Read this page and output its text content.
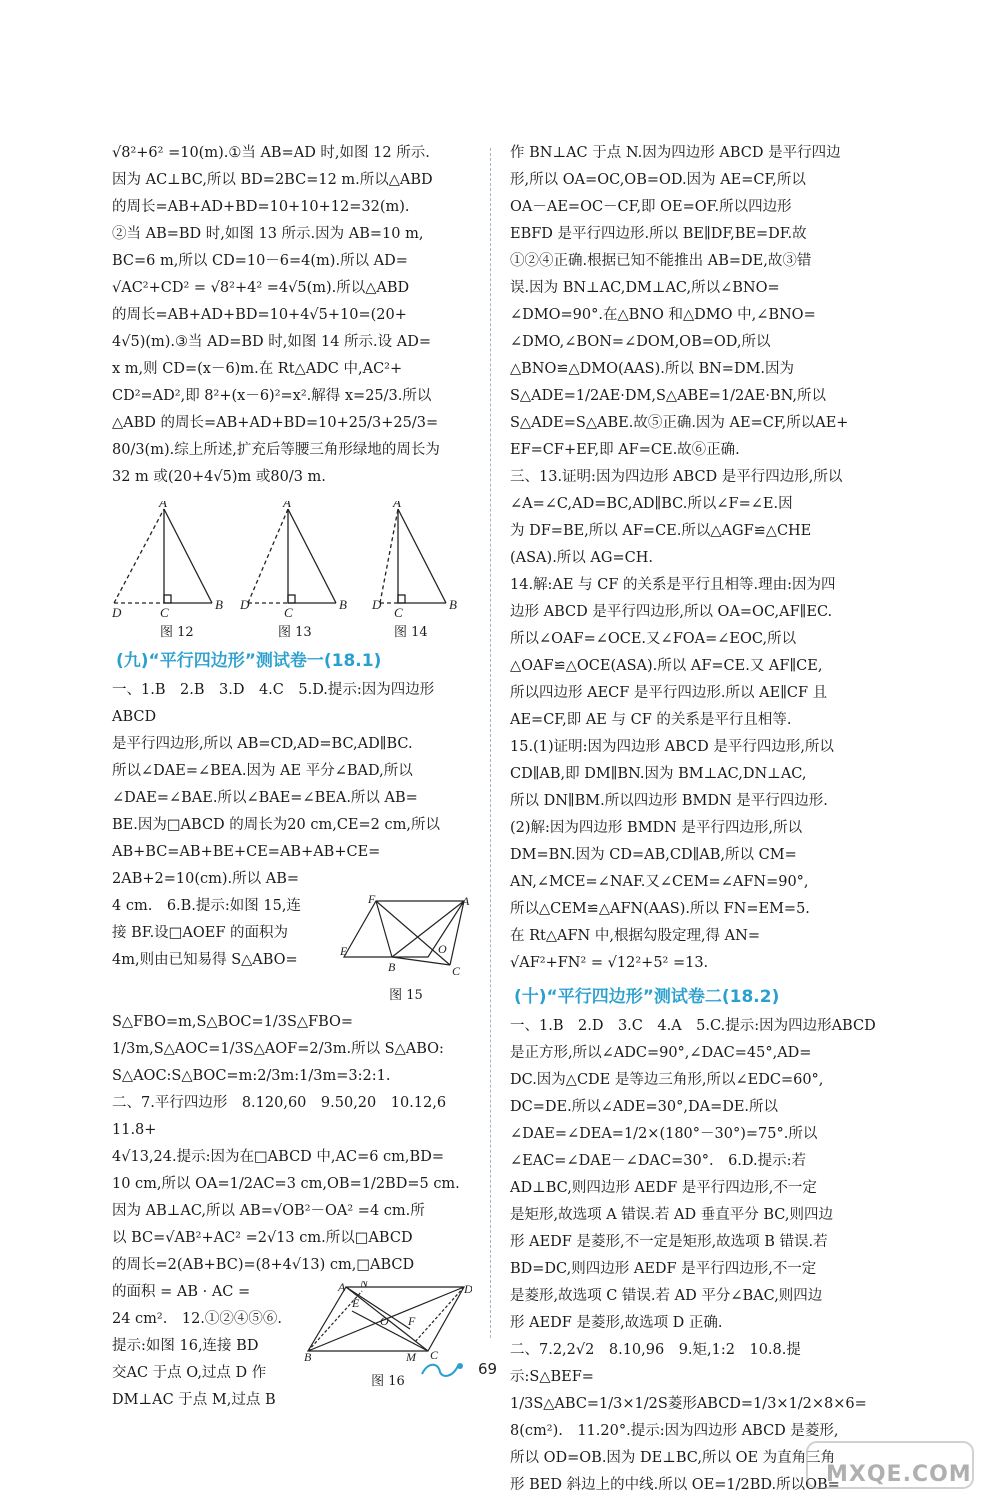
√8²+6² =10(m).①当 AB=AD 时,如图 12 所示.

因为 AC⊥BC,所以 BD=2BC=12 m.所以△ABD

的周长=AB+AD+BD=10+10+12=32(m).

②当 AB=BD 时,如图 13 所示.因为 AB=10 m,

BC=6 m,所以 CD=10－6=4(m).所以 AD=

√AC²+CD² = √8²+4² =4√5(m).所以△ABD

的周长=AB+AD+BD=10+4√5+10=(20+

4√5)(m).③当 AD=BD 时,如图 14 所示.设 AD=

x m,则 CD=(x－6)m.在 Rt△ADC 中,AC²+

CD²=AD²,即 8²+(x－6)²=x².解得 x=25/3.所以

△ABD 的周长=AB+AD+BD=10+25/3+25/3=

80/3(m).综上所述,扩充后等腰三角形绿地的周长为

32 m 或(20+4√5)m 或80/3 m.

A
D	C
B
A
D
C
B
A
D
C
B
图 12	图 13	图 14
(九)“平行四边形”测试卷一(18.1)

一、1.B　2.B　3.D　4.C　5.D.提示:因为四边形 ABCD

是平行四边形,所以 AB=CD,AD=BC,AD∥BC.

所以∠DAE=∠BEA.因为 AE 平分∠BAD,所以

∠DAE=∠BAE.所以∠BAE=∠BEA.所以 AB=

BE.因为□ABCD 的周长为20 cm,CE=2 cm,所以

AB+BC=AB+BE+CE=AB+AB+CE=

2AB+2=10(cm).所以 AB=

F	A
E
B
O
C
图 15

4 cm.　6.B.提示:如图 15,连

接 BF.设□AOEF 的面积为

4m,则由已知易得 S△ABO=

S△FBO=m,S△BOC=1/3S△FBO=

1/3m,S△AOC=1/3S△AOF=2/3m.所以 S△ABO:

S△AOC:S△BOC=m:2/3m:1/3m=3:2:1.

二、7.平行四边形　8.120,60　9.50,20　10.12,6　11.8+

4√13,24.提示:因为在□ABCD 中,AC=6 cm,BD=

10 cm,所以 OA=1/2AC=3 cm,OB=1/2BD=5 cm.

因为 AB⊥AC,所以 AB=√OB²－OA² =4 cm.所

以 BC=√AB²+AC² =2√13 cm.所以□ABCD

的周长=2(AB+BC)=(8+4√13) cm,□ABCD

A N	D
E
O F
B	M C
图 16

的面积 = AB · AC =

24 cm².　12.①②④⑤⑥.

提示:如图 16,连接 BD

交AC 于点 O,过点 D 作

DM⊥AC 于点 M,过点 B

作 BN⊥AC 于点 N.因为四边形 ABCD 是平行四边

形,所以 OA=OC,OB=OD.因为 AE=CF,所以

OA－AE=OC－CF,即 OE=OF.所以四边形

EBFD 是平行四边形.所以 BE∥DF,BE=DF.故

①②④正确.根据已知不能推出 AB=DE,故③错

误.因为 BN⊥AC,DM⊥AC,所以∠BNO=

∠DMO=90°.在△BNO 和△DMO 中,∠BNO=

∠DMO,∠BON=∠DOM,OB=OD,所以

△BNO≌△DMO(AAS).所以 BN=DM.因为

S△ADE=1/2AE·DM,S△ABE=1/2AE·BN,所以

S△ADE=S△ABE.故⑤正确.因为 AE=CF,所以AE+

EF=CF+EF,即 AF=CE.故⑥正确.

三、13.证明:因为四边形 ABCD 是平行四边形,所以

∠A=∠C,AD=BC,AD∥BC.所以∠F=∠E.因

为 DF=BE,所以 AF=CE.所以△AGF≌△CHE

(ASA).所以 AG=CH.

14.解:AE 与 CF 的关系是平行且相等.理由:因为四

边形 ABCD 是平行四边形,所以 OA=OC,AF∥EC.

所以∠OAF=∠OCE.又∠FOA=∠EOC,所以

△OAF≌△OCE(ASA).所以 AF=CE.又 AF∥CE,

所以四边形 AECF 是平行四边形.所以 AE∥CF 且

AE=CF,即 AE 与 CF 的关系是平行且相等.

15.(1)证明:因为四边形 ABCD 是平行四边形,所以

CD∥AB,即 DM∥BN.因为 BM⊥AC,DN⊥AC,

所以 DN∥BM.所以四边形 BMDN 是平行四边形.

(2)解:因为四边形 BMDN 是平行四边形,所以

DM=BN.因为 CD=AB,CD∥AB,所以 CM=

AN,∠MCE=∠NAF.又∠CEM=∠AFN=90°,

所以△CEM≌△AFN(AAS).所以 FN=EM=5.

在 Rt△AFN 中,根据勾股定理,得 AN=

√AF²+FN² = √12²+5² =13.

(十)“平行四边形”测试卷二(18.2)

一、1.B　2.D　3.C　4.A　5.C.提示:因为四边形ABCD

是正方形,所以∠ADC=90°,∠DAC=45°,AD=

DC.因为△CDE 是等边三角形,所以∠EDC=60°,

DC=DE.所以∠ADE=30°,DA=DE.所以

∠DAE=∠DEA=1/2×(180°－30°)=75°.所以

∠EAC=∠DAE－∠DAC=30°.　6.D.提示:若

AD⊥BC,则四边形 AEDF 是平行四边形,不一定

是矩形,故选项 A 错误.若 AD 垂直平分 BC,则四边

形 AEDF 是菱形,不一定是矩形,故选项 B 错误.若

BD=DC,则四边形 AEDF 是平行四边形,不一定

是菱形,故选项 C 错误.若 AD 平分∠BAC,则四边

形 AEDF 是菱形,故选项 D 正确.

二、7.2,2√2　8.10,96　9.矩,1:2　10.8.提示:S△BEF=

1/3S△ABC=1/3×1/2S菱形ABCD=1/3×1/2×8×6=

8(cm²).　11.20°.提示:因为四边形 ABCD 是菱形,

所以 OD=OB.因为 DE⊥BC,所以 OE 为直角三角

形 BED 斜边上的中线.所以 OE=1/2BD.所以OB=

69
MXQE.COM
